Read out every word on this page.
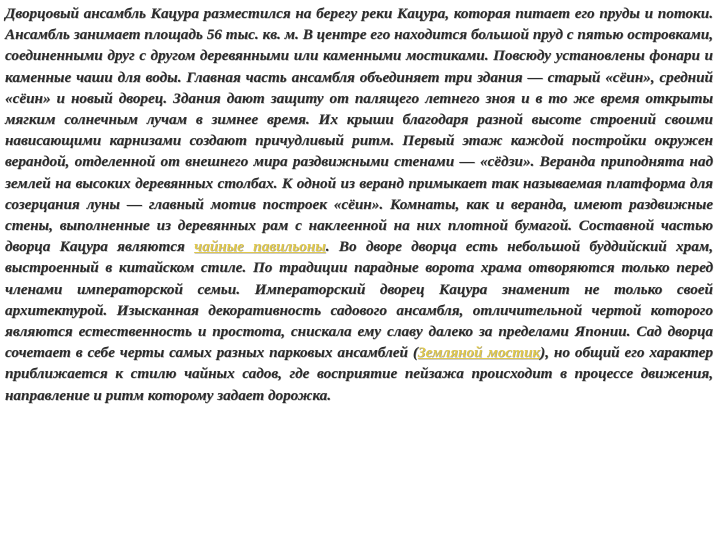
Дворцовый ансамбль Кацура разместился на берегу реки Кацура, которая питает его пруды и потоки. Ансамбль занимает площадь 56 тыс. кв. м. В центре его находится большой пруд с пятью островками, соединенными друг с другом деревянными или каменными мостиками. Повсюду установлены фонари и каменные чаши для воды. Главная часть ансамбля объединяет три здания — старый «сёин», средний «сёин» и новый дворец. Здания дают защиту от палящего летнего зноя и в то же время открыты мягким солнечным лучам в зимнее время. Их крыши благодаря разной высоте строений своими нависающими карнизами создают причудливый ритм. Первый этаж каждой постройки окружен верандой, отделенной от внешнего мира раздвижными стенами — «сёдзи». Веранда приподнята над землей на высоких деревянных столбах. К одной из веранд примыкает так называемая платформа для созерцания луны — главный мотив построек «сёин». Комнаты, как и веранда, имеют раздвижные стены, выполненные из деревянных рам с наклеенной на них плотной бумагой. Составной частью дворца Кацура являются чайные павильоны. Во дворе дворца есть небольшой буддийский храм, выстроенный в китайском стиле. По традиции парадные ворота храма отворяются только перед членами императорской семьи. Императорский дворец Кацура знаменит не только своей архитектурой. Изысканная декоративность садового ансамбля, отличительной чертой которого являются естественность и простота, снискала ему славу далеко за пределами Японии. Сад дворца сочетает в себе черты самых разных парковых ансамблей (Земляной мостик), но общий его характер приближается к стилю чайных садов, где восприятие пейзажа происходит в процессе движения, направление и ритм которому задает дорожка.
